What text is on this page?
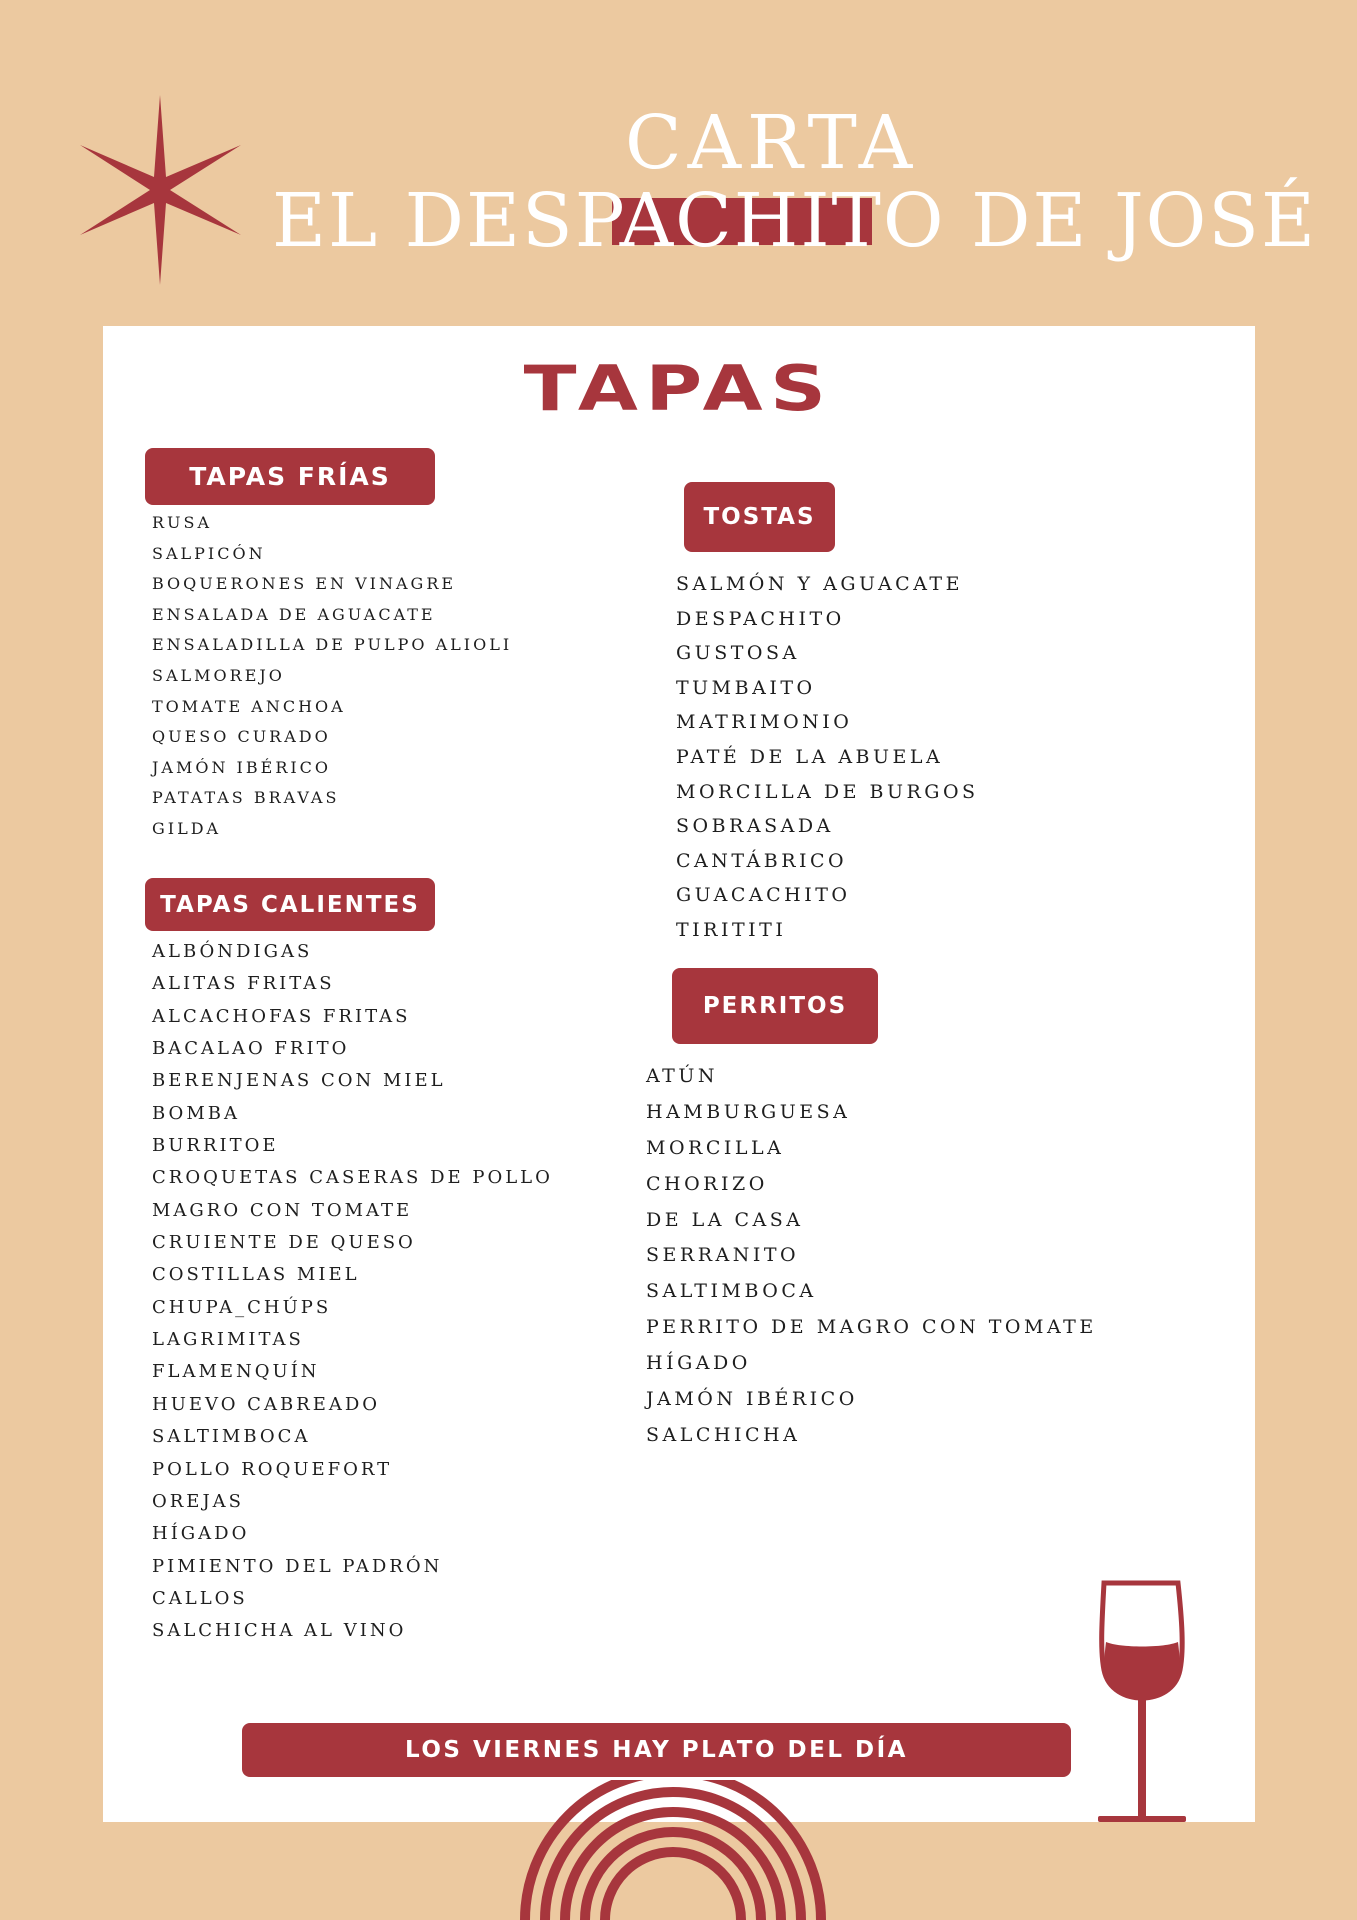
CARTA
EL DESPACHITO DE JOSÉ
TAPAS
TAPAS FRÍAS
RUSA
SALPICÓN
BOQUERONES EN VINAGRE
ENSALADA DE AGUACATE
ENSALADILLA DE PULPO ALIOLI
SALMOREJO
TOMATE ANCHOA
QUESO CURADO
JAMÓN IBÉRICO
PATATAS BRAVAS
GILDA
TAPAS CALIENTES
ALBÓNDIGAS
ALITAS FRITAS
ALCACHOFAS FRITAS
BACALAO FRITO
BERENJENAS CON MIEL
BOMBA
BURRITOE
CROQUETAS CASERAS DE POLLO
MAGRO CON TOMATE
CRUIENTE DE QUESO
COSTILLAS MIEL
CHUPA_CHÚPS
LAGRIMITAS
FLAMENQUÍN
HUEVO CABREADO
SALTIMBOCA
POLLO ROQUEFORT
OREJAS
HÍGADO
PIMIENTO DEL PADRÓN
CALLOS
SALCHICHA AL VINO
TOSTAS
SALMÓN Y AGUACATE
DESPACHITO
GUSTOSA
TUMBAITO
MATRIMONIO
PATÉ DE LA ABUELA
MORCILLA DE BURGOS
SOBRASADA
CANTÁBRICO
GUACACHITO
TIRITITI
PERRITOS
ATÚN
HAMBURGUESA
MORCILLA
CHORIZO
DE LA CASA
SERRANITO
SALTIMBOCA
PERRITO DE MAGRO CON TOMATE
HÍGADO
JAMÓN IBÉRICO
SALCHICHA
LOS VIERNES HAY PLATO DEL DÍA
